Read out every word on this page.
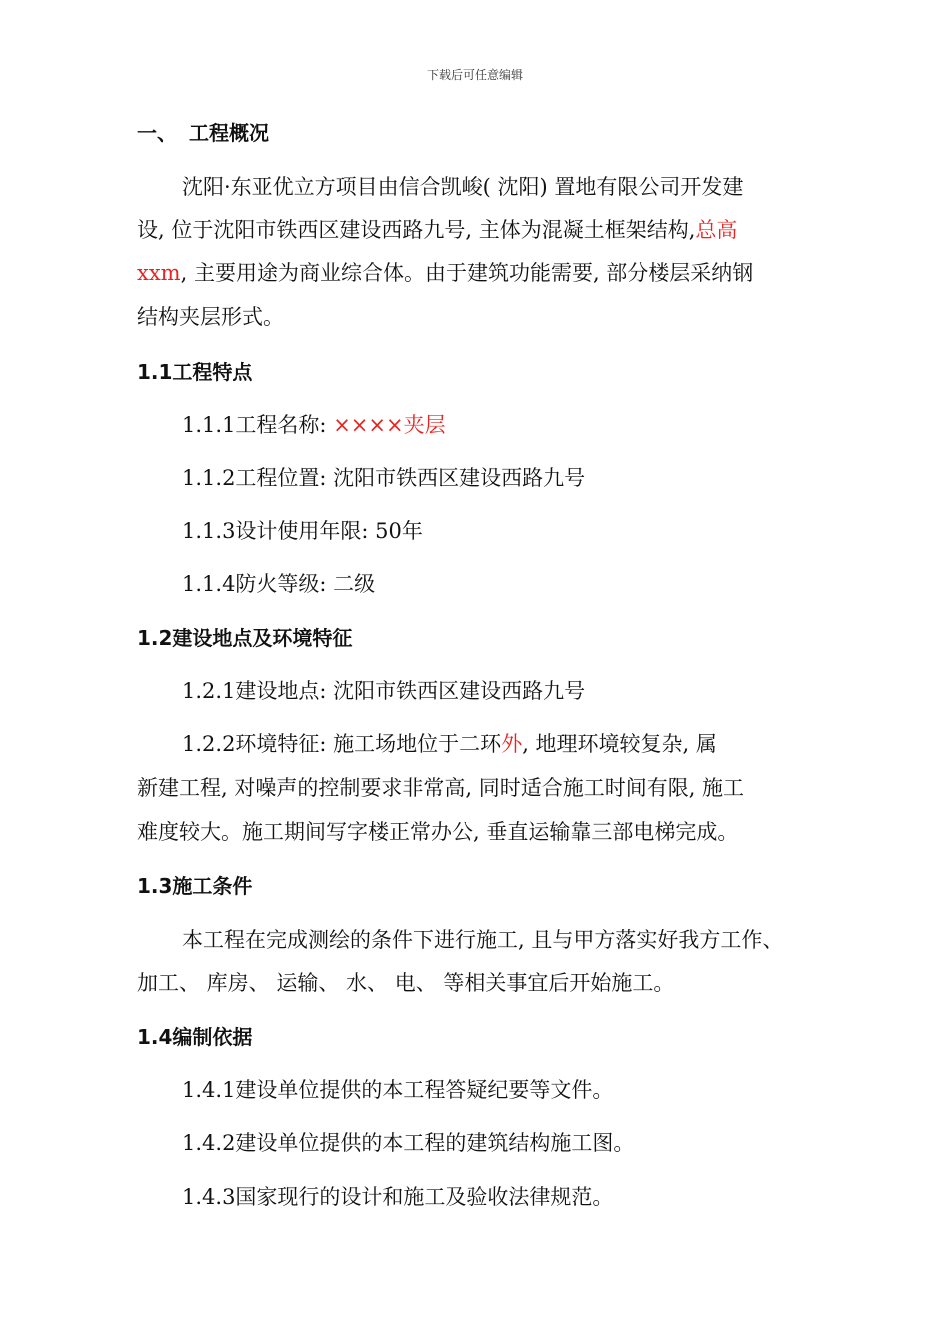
下载后可任意编辑
一、 工程概况
沈阳·东亚优立方项目由信合凯峻( 沈阳) 置地有限公司开发建
设, 位于沈阳市铁西区建设西路九号, 主体为混凝土框架结构,总高
xxm, 主要用途为商业综合体。由于建筑功能需要, 部分楼层采纳钢
结构夹层形式。
1.1工程特点
1.1.1工程名称: ××××夹层
1.1.2工程位置: 沈阳市铁西区建设西路九号
1.1.3设计使用年限: 50年
1.1.4防火等级: 二级
1.2建设地点及环境特征
1.2.1建设地点: 沈阳市铁西区建设西路九号
1.2.2环境特征: 施工场地位于二环外, 地理环境较复杂, 属
新建工程, 对噪声的控制要求非常高, 同时适合施工时间有限, 施工
难度较大。施工期间写字楼正常办公, 垂直运输靠三部电梯完成。
1.3施工条件
本工程在完成测绘的条件下进行施工, 且与甲方落实好我方工作、
加工、 库房、 运输、 水、 电、 等相关事宜后开始施工。
1.4编制依据
1.4.1建设单位提供的本工程答疑纪要等文件。
1.4.2建设单位提供的本工程的建筑结构施工图。
1.4.3国家现行的设计和施工及验收法律规范。
